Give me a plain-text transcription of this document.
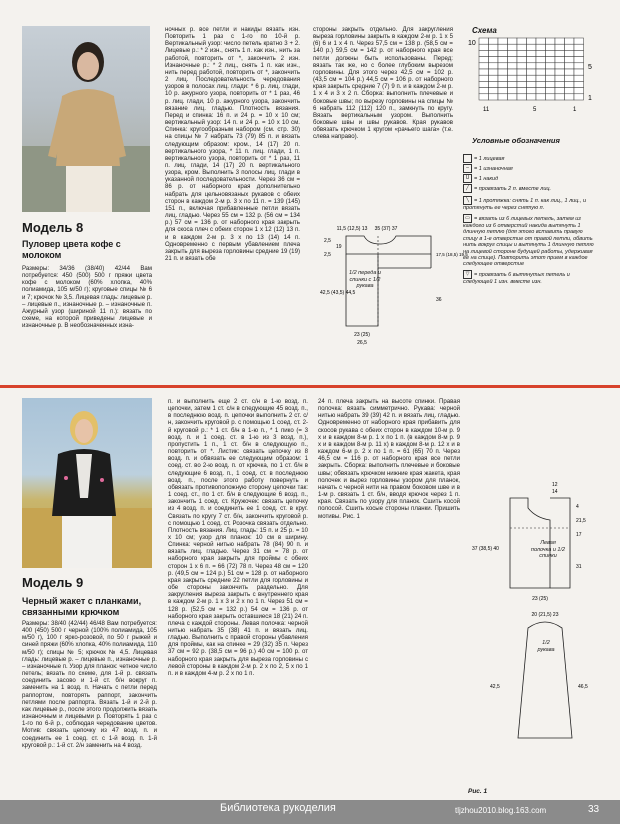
Модель 8
Пуловер цвета кофе с молоком

Размеры: 34/36 (38/40) 42/44 Вам потребуется: 450 (500) 500 г пряжи цвета кофе с молоком (60% хлопка, 40% полиамида, 105 м/50 г); круговые спицы № 6 и 7; крючок № 3,5. Лицевая гладь: лицевые р. – лицевые п., изнаночные р. – изнаночные п. Ажурный узор (шириной 11 п.): вязать по схеме, на которой приведены лицевые и изнаночные р. В необозначенных изна-

ночных р. все петли и накиды вязать изн. Повторить 1 раз с 1-го по 10-й р. Вертикальный узор: число петель кратно 3 + 2. Лицевые р.: * 2 изн., снять 1 п. как изн., нить за работой, повторить от *, закончить 2 изн. Изнаночные р.: * 2 лиц., снять 1 п. как изн., нить перед работой, повторить от *, закончить 2 лиц. Последовательность чередования узоров в полосах лиц. глади: * 6 р. лиц. глади, 10 р. ажурного узора, повторить от * 1 раз, 46 р. лиц. глади, 10 р. ажурного узора, закончить вязание лиц. гладью. Плотность вязания. Перед и спинка: 16 п. и 24 р. = 10 х 10 см; вертикальный узор: 14 п. и 24 р. = 10 х 10 см. Спинка: кругообразным набором (см. стр. 30) на спицы № 7 набрать 73 (79) 85 п. и вязать следующим образом: кром., 14 (17) 20 п. вертикального узора, * 11 п. лиц. глади, 1 п. вертикального узора, повторить от * 1 раз, 11 п. лиц. глади, 14 (17) 20 п. вертикального узора, кром. Выполнить 3 полосы лиц. глади в указанной последовательности. Через 36 см = 86 р. от наборного края дополнительно набрать для цельновязаных рукавов с обеих сторон в каждом 2-м р. 3 х по 11 п. = 139 (145) 151 п., включая прибавленные петли вязать лиц. гладью. Через 55 см = 132 р. (56 см = 134 р.) 57 см = 136 р. от наборного края закрыть для скоса плеч с обеих сторон 1 х 12 (12) 13 п. и в каждом 2-м р. 3 х по 13 (14) 14 п. Одновременно с первым убавлением плеча закрыть для выреза горловины средние 19 (19) 21 п. и вязать обе

стороны закрыть отдельно. Для закругления выреза горловины закрыть в каждом 2-м р. 1 х 5 (6) 6 и 1 х 4 п. Через 57,5 см = 138 р. (58,5 см = 140 р.) 59,5 см = 142 р. от наборного края все петли должны быть использованы. Перед: вязать так же, но с более глубоким вырезом горловины. Для этого через 42,5 см = 102 р. (43,5 см = 104 р.) 44,5 см = 106 р. от наборного края закрыть средние 7 (7) 9 п. и в каждом 2-м р. 1 х 4 и 3 х 2 п. Сборка: выполнить плечевые и боковые швы; по вырезу горловины на спицы № 6 набрать 112 (112) 120 п., замкнуть по кругу. Вязать вертикальным узором. Выполнить боковые швы и швы рукавов. Края рукавов обвязать крючком 1 кругом «рачьего шага» (т.е. слева направо).

35 (37) 37
11,5 (12,5) 13
2,5
19
2,5
42,5 (43,5) 44,5
36
23 (25)
26,5
17,5 (18,5) 19,5
1/2 переда и спинки с 1/2 рукава
Схема
10
5
1
11	5	1
Условные обозначения
= 1 лицевая
– = 1 изнаночная
U = 1 накид
╱ = провязать 2 п. вместе лиц.
╲ = 1 протяжка: снять 1 п. как лиц., 1 лиц., и протянуть ее через снятую п.
▭ = вязать из 6 лицевых петель, затем из каждого из 6 отверстий накида вытянуть 1 длинную петлю (для этого вставить правую спицу в 1-е отверстие от правой петли, обвить нить вокруг спицы и вытянуть 1 длинную петлю на лицевой стороне будущей работы, удерживая ее на спице). Повторить этот прием в каждое следующее отверстие
▽ = провязать 6 вытянутых петель и следующей 1 изн. вместе изн.
Модель 9
Черный жакет с планками, связанными крючком

Размеры: 38/40 (42/44) 46/48 Вам потребуется: 400 (450) 500 г черной (100% полиамида, 105 м/50 г), 100 г ярко-розовой, по 50 г рыжей и синей пряжи (60% хлопка, 40% полиамида, 110 м/50 г); спицы № 5; крючок № 4,5. Лицевая гладь: лицевые р. – лицевые п., изнаночные р. – изнаночные п. Узор для планок: четное число петель; вязать по схеме, для 1-й р. связать соединить засово и 1-й ст. б/н вокруг п. заменить на 1 возд. п. Начать с петли перед раппортом, повторять раппорт, закончить петлями после раппорта. Вязать 1-й и 2-й р. как лицевые р., после этого продолжить вязать изнаночным и лицевыми р. Повторять 1 раз с 1-го по 6-й р., соблюдая чередование цветов. Мотив: связать цепочку из 47 возд. п. и соединить ее 1 соед. ст. с 1-й возд. п. 1-й круговой р.: 1-й ст. 2/н заменить на 4 возд.

п. и выполнить еще 2 ст. с/н в 1-ю возд. п. цепочки, затем 1 ст. с/н в следующие 45 возд. п., в последнюю возд. п. цепочки выполнить 2 ст. с/н, закончить круговой р. с помощью 1 соед. ст. 2-й круговой р.: * 1 ст. б/н в 1-ю п., * 1 пико (= 3 возд. п. и 1 соед. ст. в 1-ю из 3 возд. п.), пропустить 1 п., 1 ст. б/н в следующую п., повторить от *. Листик: связать цепочку из 8 возд. п. и обвязать ее следующим образом: 1 соед. ст. во 2-ю возд. п. от крючка, по 1 ст. б/н в следующие 6 возд. п., 1 соед. ст. в последнюю возд. п., после этого работу повернуть и обвязать противоположную сторону цепочки так: 1 соед. ст., по 1 ст. б/н в следующие 6 возд. п., закончить 1 соед. ст. Кружочек: связать цепочку из 4 возд. п. и соединить ее 1 соед. ст. в круг. Связать по кругу 7 ст. б/н, закончить круговой р. с помощью 1 соед. ст. Розочка связать отдельно. Плотность вязания. Лиц. гладь: 15 п. и 25 р. = 10 х 10 см; узор для планок: 10 см в ширину. Спинка: черной нитью набрать 78 (84) 90 п. и вязать лиц. гладью. Через 31 см = 78 р. от наборного края закрыть для проймы с обеих сторон 1 х 6 п. = 66 (72) 78 п. Через 48 см = 120 р. (49,5 см = 124 р.) 51 см = 128 р. от наборного края закрыть средние 22 петли для горловины и обе стороны закончить раздельно. Для закругления выреза закрыть с внутреннего края в каждом 2-м р. 1 х 3 и 2 х по 1 п. Через 51 см = 128 р. (52,5 см = 132 р.) 54 см = 136 р. от наборного края закрыть оставшиеся 18 (21) 24 п. плеча с каждой стороны. Левая полочка: черной нитью набрать 35 (38) 41 п. и вязать лиц. гладью. Выполнить с правой стороны убавления для проймы, как на спинке = 29 (32) 35 п. Через 37 см = 92 р. (38,5 см = 96 р.) 40 см = 100 р. от наборного края закрыть для выреза горловины с левой стороны в каждом 2-м р. 2 х по 2, 5 х по 1 п. и в каждом 4-м р. 2 х по 1 п.

24 п. плеча закрыть на высоте спинки. Правая полочка: вязать симметрично. Рукава: черной нитью набрать 39 (39) 42 п. и вязать лиц. гладью. Одновременно от наборного края прибавить для скосов рукава с обеих сторон в каждом 10-м р. 9 х и в каждом 8-м р. 1 х по 1 п. (в каждом 8-м р. 9 х и в каждом 8-м р. 11 х) в каждом 8-м р. 12 х и в каждом 6-м р. 2 х по 1 п. = 61 (65) 70 п. Через 46,5 см = 116 р. от наборного края все петли закрыть. Сборка: выполнить плечевые и боковые швы; обвязать крючком нижние края жакета, края полочек и вырез горловины узором для планок, начать с черной нити на правом боковом шве и в 1-м р. связать 1 ст. б/н, вводя крючок через 1 п. края. Связать по узору для планок. Сшить косой полосой. Сшить косые стороны планки. Пришить мотивы. Рис. 1

12
14
4
21,5
17
37 (38,5) 40
31
23 (25)
Левая полочка и 1/2 спинки
20 (21,5) 23
42,5	46,5
1/2 рукава
Рис. 1
Библиотека рукоделия	tljzhou2010.blog.163.com	33
